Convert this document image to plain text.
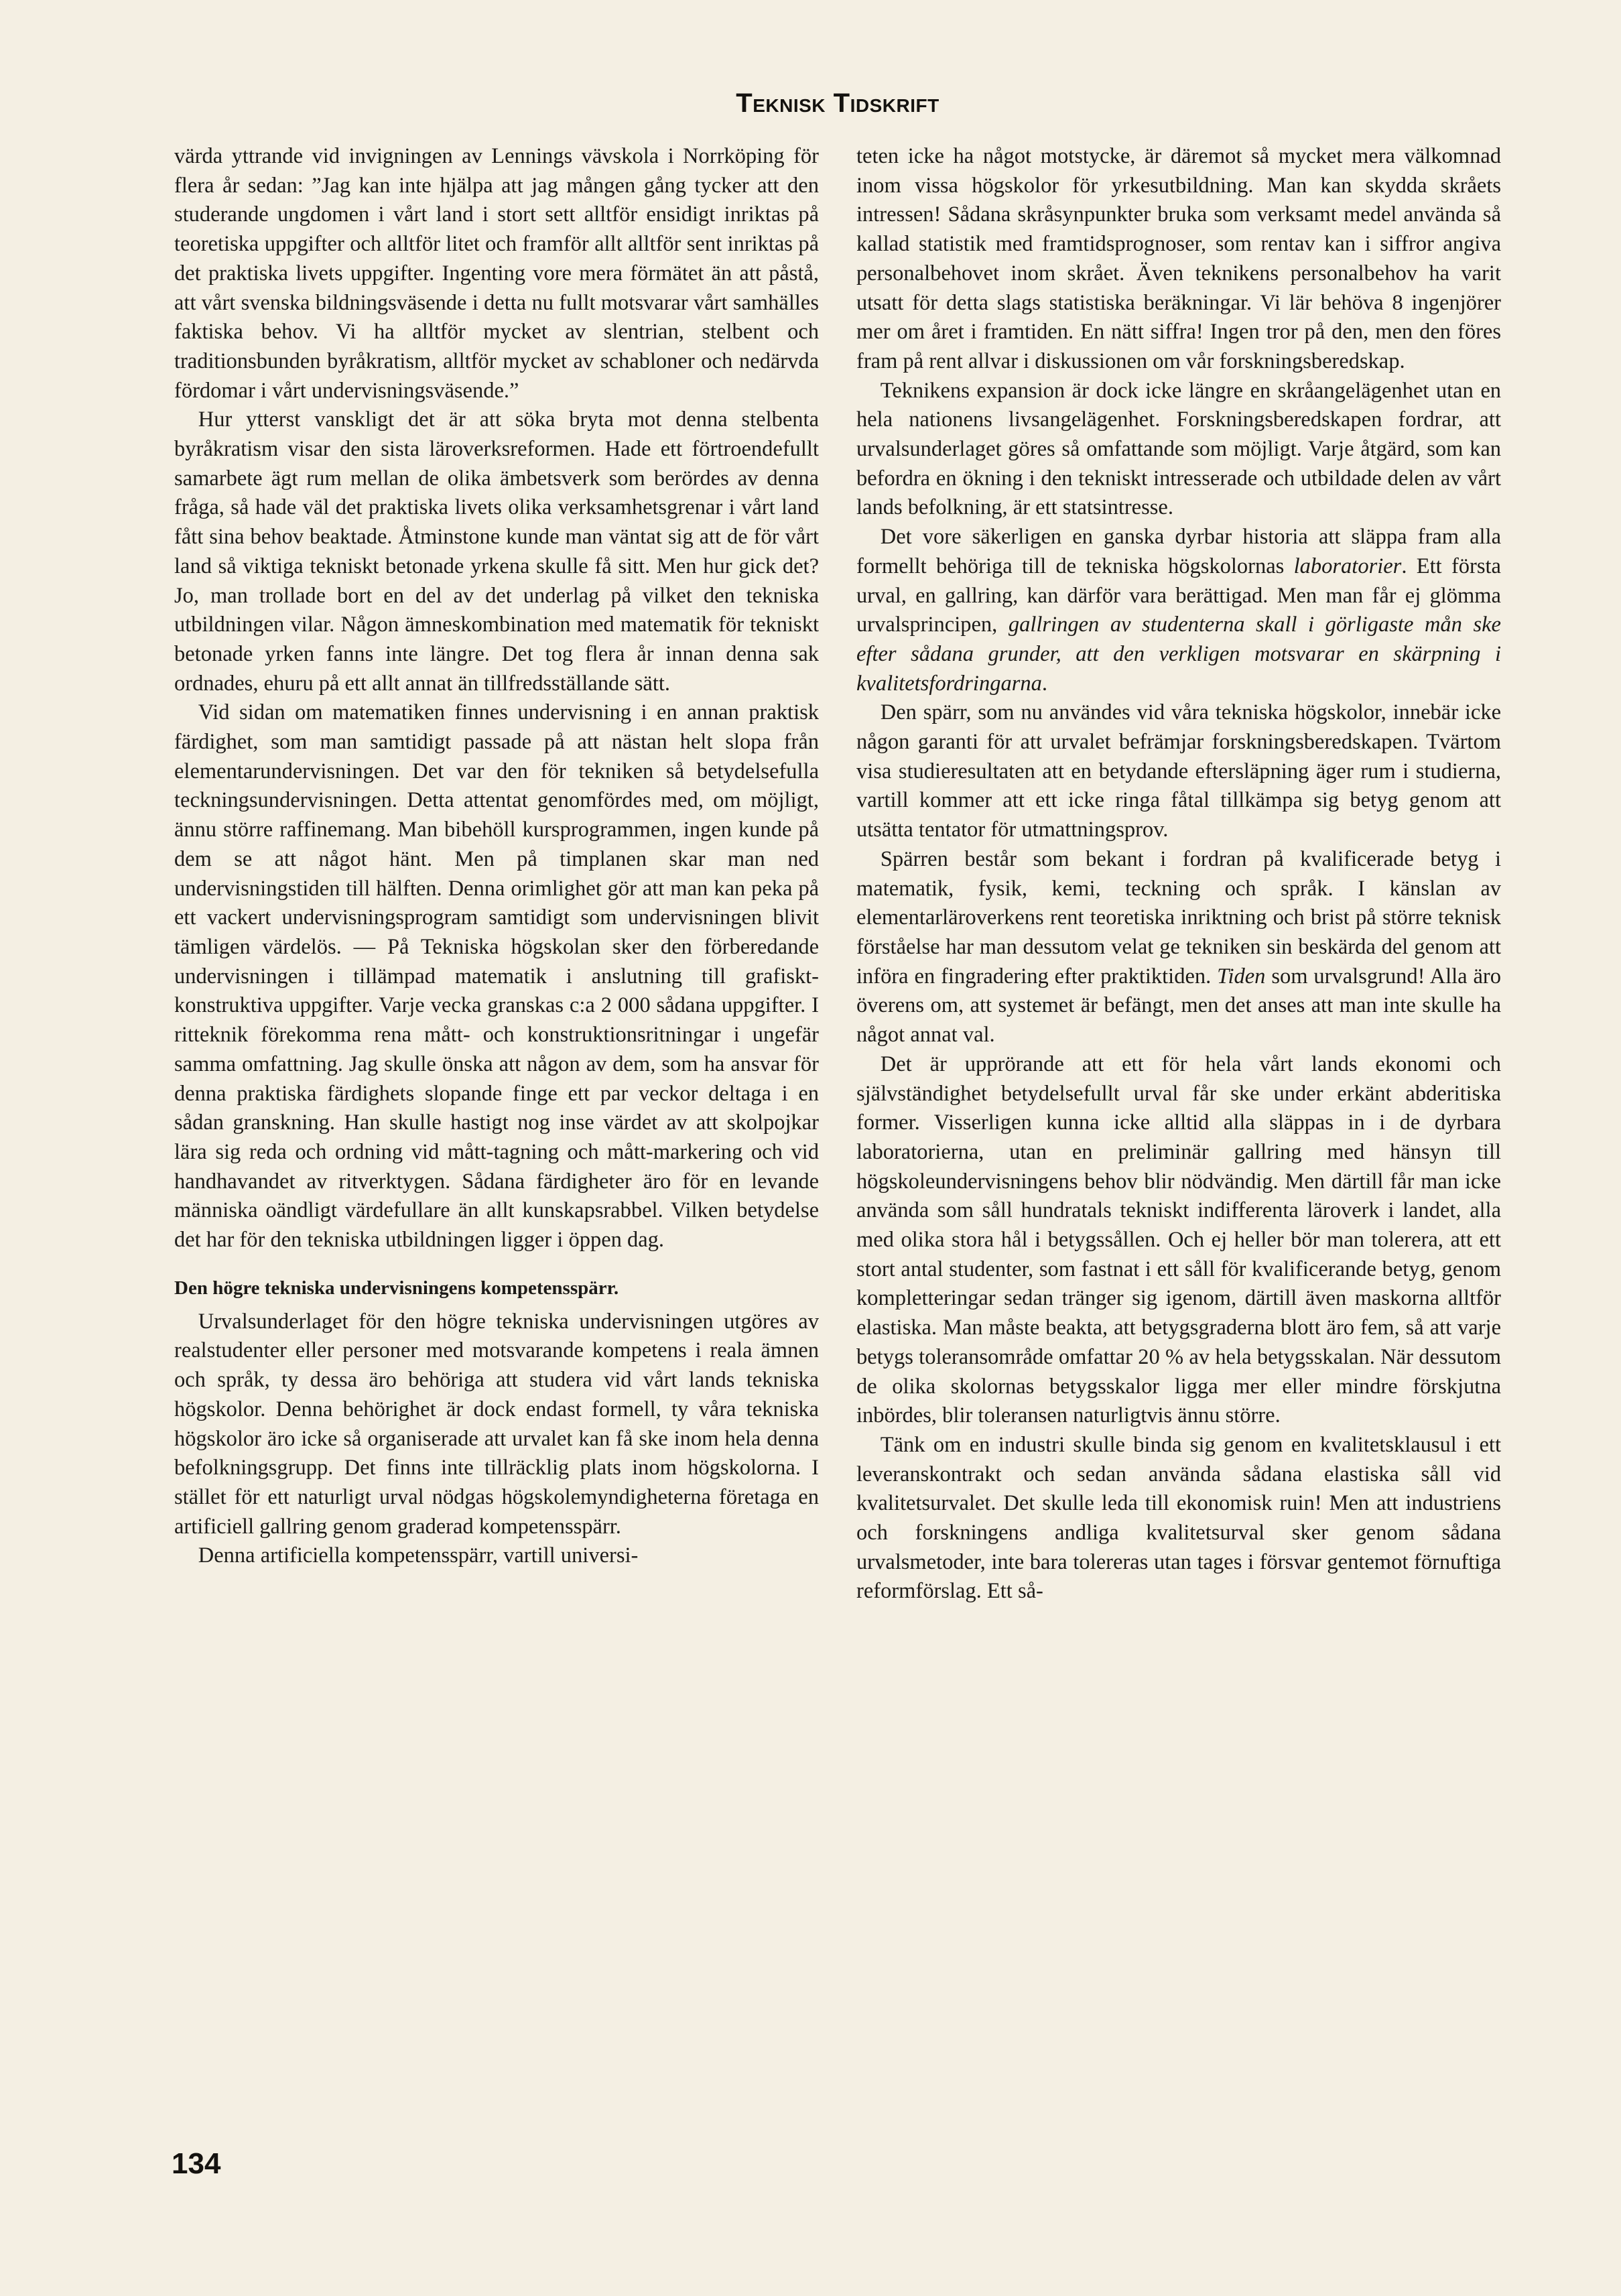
Teknisk Tidskrift

värda yttrande vid invigningen av Lennings vävskola i Norrköping för flera år sedan: ”Jag kan inte hjälpa att jag mången gång tycker att den studerande ungdomen i vårt land i stort sett alltför ensidigt inriktas på teoretiska uppgifter och alltför litet och framför allt alltför sent inriktas på det praktiska livets uppgifter. Ingenting vore mera förmätet än att påstå, att vårt svenska bildningsväsende i detta nu fullt motsvarar vårt samhälles faktiska behov. Vi ha alltför mycket av slentrian, stelbent och traditionsbunden byråkratism, alltför mycket av schabloner och nedärvda fördomar i vårt undervisningsväsende.”

Hur ytterst vanskligt det är att söka bryta mot denna stelbenta byråkratism visar den sista läroverksreformen. Hade ett förtroendefullt samarbete ägt rum mellan de olika ämbetsverk som berördes av denna fråga, så hade väl det praktiska livets olika verksamhetsgrenar i vårt land fått sina behov beaktade. Åtminstone kunde man väntat sig att de för vårt land så viktiga tekniskt betonade yrkena skulle få sitt. Men hur gick det? Jo, man trollade bort en del av det underlag på vilket den tekniska utbildningen vilar. Någon ämneskombination med matematik för tekniskt betonade yrken fanns inte längre. Det tog flera år innan denna sak ordnades, ehuru på ett allt annat än tillfredsställande sätt.

Vid sidan om matematiken finnes undervisning i en annan praktisk färdighet, som man samtidigt passade på att nästan helt slopa från elementarundervisningen. Det var den för tekniken så betydelsefulla teckningsundervisningen. Detta attentat genomfördes med, om möjligt, ännu större raffinemang. Man bibehöll kursprogrammen, ingen kunde på dem se att något hänt. Men på timplanen skar man ned undervisningstiden till hälften. Denna orimlighet gör att man kan peka på ett vackert undervisningsprogram samtidigt som undervisningen blivit tämligen värdelös. — På Tekniska högskolan sker den förberedande undervisningen i tillämpad matematik i anslutning till grafiskt-konstruktiva uppgifter. Varje vecka granskas c:a 2 000 sådana uppgifter. I ritteknik förekomma rena mått- och konstruktionsritningar i ungefär samma omfattning. Jag skulle önska att någon av dem, som ha ansvar för denna praktiska färdighets slopande finge ett par veckor deltaga i en sådan granskning. Han skulle hastigt nog inse värdet av att skolpojkar lära sig reda och ordning vid mått-tagning och mått-markering och vid handhavandet av ritverktygen. Sådana färdigheter äro för en levande människa oändligt värdefullare än allt kunskapsrabbel. Vilken betydelse det har för den tekniska utbildningen ligger i öppen dag.

Den högre tekniska undervisningens kompetensspärr.

Urvalsunderlaget för den högre tekniska undervisningen utgöres av realstudenter eller personer med motsvarande kompetens i reala ämnen och språk, ty dessa äro behöriga att studera vid vårt lands tekniska högskolor. Denna behörighet är dock endast formell, ty våra tekniska högskolor äro icke så organiserade att urvalet kan få ske inom hela denna befolkningsgrupp. Det finns inte tillräcklig plats inom högskolorna. I stället för ett naturligt urval nödgas högskolemyndigheterna företaga en artificiell gallring genom graderad kompetensspärr.

Denna artificiella kompetensspärr, vartill universi-

teten icke ha något motstycke, är däremot så mycket mera välkomnad inom vissa högskolor för yrkesutbildning. Man kan skydda skråets intressen! Sådana skråsynpunkter bruka som verksamt medel använda så kallad statistik med framtidsprognoser, som rentav kan i siffror angiva personalbehovet inom skrået. Även teknikens personalbehov ha varit utsatt för detta slags statistiska beräkningar. Vi lär behöva 8 ingenjörer mer om året i framtiden. En nätt siffra! Ingen tror på den, men den föres fram på rent allvar i diskussionen om vår forskningsberedskap.

Teknikens expansion är dock icke längre en skråangelägenhet utan en hela nationens livsangelägenhet. Forskningsberedskapen fordrar, att urvalsunderlaget göres så omfattande som möjligt. Varje åtgärd, som kan befordra en ökning i den tekniskt intresserade och utbildade delen av vårt lands befolkning, är ett statsintresse.

Det vore säkerligen en ganska dyrbar historia att släppa fram alla formellt behöriga till de tekniska högskolornas laboratorier. Ett första urval, en gallring, kan därför vara berättigad. Men man får ej glömma urvalsprincipen, gallringen av studenterna skall i görligaste mån ske efter sådana grunder, att den verkligen motsvarar en skärpning i kvalitetsfordringarna.

Den spärr, som nu användes vid våra tekniska högskolor, innebär icke någon garanti för att urvalet befrämjar forskningsberedskapen. Tvärtom visa studieresultaten att en betydande eftersläpning äger rum i studierna, vartill kommer att ett icke ringa fåtal tillkämpa sig betyg genom att utsätta tentator för utmattningsprov.

Spärren består som bekant i fordran på kvalificerade betyg i matematik, fysik, kemi, teckning och språk. I känslan av elementarläroverkens rent teoretiska inriktning och brist på större teknisk förståelse har man dessutom velat ge tekniken sin beskärda del genom att införa en fingradering efter praktiktiden. Tiden som urvalsgrund! Alla äro överens om, att systemet är befängt, men det anses att man inte skulle ha något annat val.

Det är upprörande att ett för hela vårt lands ekonomi och självständighet betydelsefullt urval får ske under erkänt abderitiska former. Visserligen kunna icke alltid alla släppas in i de dyrbara laboratorierna, utan en preliminär gallring med hänsyn till högskoleundervisningens behov blir nödvändig. Men därtill får man icke använda som såll hundratals tekniskt indifferenta läroverk i landet, alla med olika stora hål i betygssållen. Och ej heller bör man tolerera, att ett stort antal studenter, som fastnat i ett såll för kvalificerande betyg, genom kompletteringar sedan tränger sig igenom, därtill även maskorna alltför elastiska. Man måste beakta, att betygsgraderna blott äro fem, så att varje betygs toleransområde omfattar 20 % av hela betygsskalan. När dessutom de olika skolornas betygsskalor ligga mer eller mindre förskjutna inbördes, blir toleransen naturligtvis ännu större.

Tänk om en industri skulle binda sig genom en kvalitetsklausul i ett leveranskontrakt och sedan använda sådana elastiska såll vid kvalitetsurvalet. Det skulle leda till ekonomisk ruin! Men att industriens och forskningens andliga kvalitetsurval sker genom sådana urvalsmetoder, inte bara tolereras utan tages i försvar gentemot förnuftiga reformförslag. Ett så-

134
